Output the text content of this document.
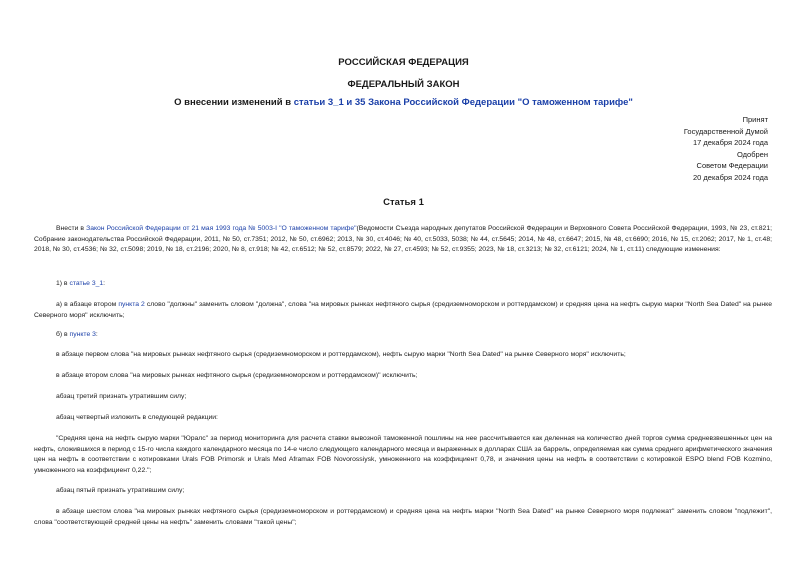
РОССИЙСКАЯ ФЕДЕРАЦИЯ
ФЕДЕРАЛЬНЫЙ ЗАКОН
О внесении изменений в статьи 3_1 и 35 Закона Российской Федерации "О таможенном тарифе"
Принят
Государственной Думой
17 декабря 2024 года
Одобрен
Советом Федерации
20 декабря 2024 года
Статья 1
Внести в Закон Российской Федерации от 21 мая 1993 года № 5003-I "О таможенном тарифе"(Ведомости Съезда народных депутатов Российской Федерации и Верховного Совета Российской Федерации, 1993, № 23, ст.821; Собрание законодательства Российской Федерации, 2011, № 50, ст.7351; 2012, № 50, ст.6962; 2013, № 30, ст.4046; № 40, ст.5033, 5038; № 44, ст.5645; 2014, № 48, ст.6647; 2015, № 48, ст.6690; 2016, № 15, ст.2062; 2017, № 1, ст.48; 2018, № 30, ст.4536; № 32, ст.5098; 2019, № 18, ст.2196; 2020, № 8, ст.918; № 42, ст.6512; № 52, ст.8579; 2022, № 27, ст.4593; № 52, ст.9355; 2023, № 18, ст.3213; № 32, ст.6121; 2024, № 1, ст.11) следующие изменения:
1) в статье 3_1:
а) в абзаце втором пункта 2 слово "должны" заменить словом "должна", слова "на мировых рынках нефтяного сырья (средиземноморском и роттердамском) и средняя цена на нефть сырую марки "North Sea Dated" на рынке Северного моря" исключить;
б) в пункте 3:
в абзаце первом слова "на мировых рынках нефтяного сырья (средиземноморском и роттердамском), нефть сырую марки "North Sea Dated" на рынке Северного моря" исключить;
в абзаце втором слова "на мировых рынках нефтяного сырья (средиземноморском и роттердамском)" исключить;
абзац третий признать утратившим силу;
абзац четвертый изложить в следующей редакции:
"Средняя цена на нефть сырую марки "Юралс" за период мониторинга для расчета ставки вывозной таможенной пошлины на нее рассчитывается как деленная на количество дней торгов сумма средневзвешенных цен на нефть, сложившихся в период с 15-го числа каждого календарного месяца по 14-е число следующего календарного месяца и выраженных в долларах США за баррель, определяемая как сумма среднего арифметического значения цен на нефть в соответствии с котировками Urals FOB Primorsk и Urals Med Aframax FOB Novorossiysk, умноженного на коэффициент 0,78, и значения цены на нефть в соответствии с котировкой ESPO blend FOB Kozmino, умноженного на коэффициент 0,22.";
абзац пятый признать утратившим силу;
в абзаце шестом слова "на мировых рынках нефтяного сырья (средиземноморском и роттердамском) и средняя цена на нефть марки "North Sea Dated" на рынке Северного моря подлежат" заменить словом "подлежит", слова "соответствующей средней цены на нефть" заменить словами "такой цены";
